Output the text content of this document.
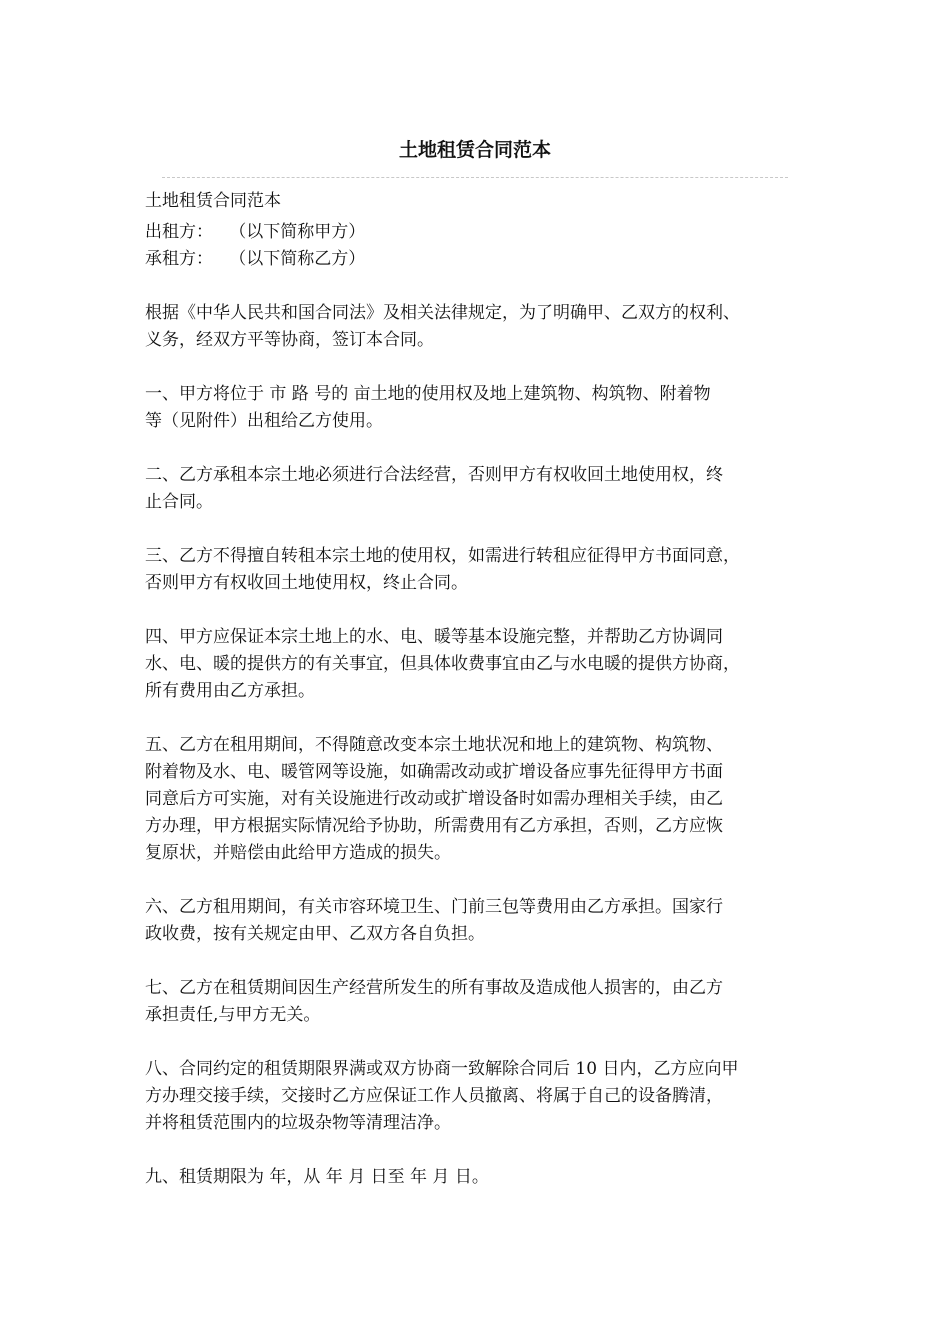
土地租赁合同范本

土地租赁合同范本

出租方：   （以下简称甲方）

承租方：   （以下简称乙方）

根据《中华人民共和国合同法》及相关法律规定，为了明确甲、乙双方的权利、
义务，经双方平等协商，签订本合同。

一、甲方将位于 市 路 号的 亩土地的使用权及地上建筑物、构筑物、附着物
等（见附件）出租给乙方使用。

二、乙方承租本宗土地必须进行合法经营，否则甲方有权收回土地使用权，终
止合同。

三、乙方不得擅自转租本宗土地的使用权，如需进行转租应征得甲方书面同意，
否则甲方有权收回土地使用权，终止合同。

四、甲方应保证本宗土地上的水、电、暖等基本设施完整，并帮助乙方协调同
水、电、暖的提供方的有关事宜，但具体收费事宜由乙与水电暖的提供方协商，
所有费用由乙方承担。

五、乙方在租用期间，不得随意改变本宗土地状况和地上的建筑物、构筑物、
附着物及水、电、暖管网等设施，如确需改动或扩增设备应事先征得甲方书面
同意后方可实施，对有关设施进行改动或扩增设备时如需办理相关手续，由乙
方办理，甲方根据实际情况给予协助，所需费用有乙方承担，否则，乙方应恢
复原状，并赔偿由此给甲方造成的损失。

六、乙方租用期间，有关市容环境卫生、门前三包等费用由乙方承担。国家行
政收费，按有关规定由甲、乙双方各自负担。

七、乙方在租赁期间因生产经营所发生的所有事故及造成他人损害的，由乙方
承担责任,与甲方无关。

八、合同约定的租赁期限界满或双方协商一致解除合同后 10 日内，乙方应向甲
方办理交接手续，交接时乙方应保证工作人员撤离、将属于自己的设备腾清，
并将租赁范围内的垃圾杂物等清理洁净。

九、租赁期限为 年，从 年 月 日至 年 月 日。
